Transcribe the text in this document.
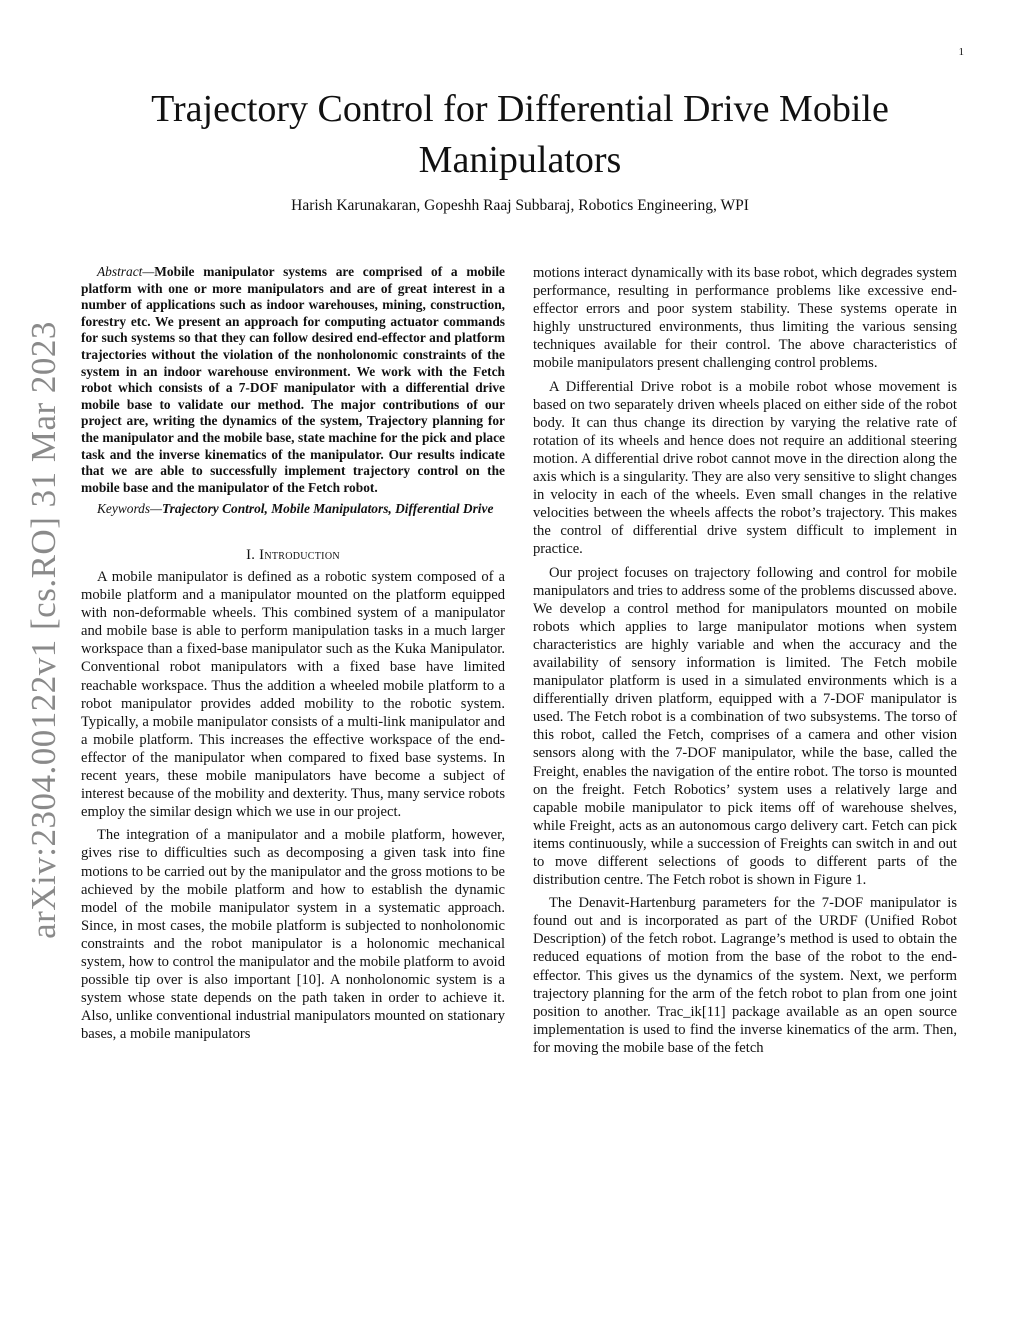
1
arXiv:2304.00122v1 [cs.RO] 31 Mar 2023
Trajectory Control for Differential Drive Mobile Manipulators
Harish Karunakaran, Gopeshh Raaj Subbaraj, Robotics Engineering, WPI

Abstract—Mobile manipulator systems are comprised of a mobile platform with one or more manipulators and are of great interest in a number of applications such as indoor warehouses, mining, construction, forestry etc. We present an approach for computing actuator commands for such systems so that they can follow desired end-effector and platform trajectories without the violation of the nonholonomic constraints of the system in an indoor warehouse environment. We work with the Fetch robot which consists of a 7-DOF manipulator with a differential drive mobile base to validate our method. The major contributions of our project are, writing the dynamics of the system, Trajectory planning for the manipulator and the mobile base, state machine for the pick and place task and the inverse kinematics of the manipulator. Our results indicate that we are able to successfully implement trajectory control on the mobile base and the manipulator of the Fetch robot.

Keywords—Trajectory Control, Mobile Manipulators, Differential Drive

I. Introduction

A mobile manipulator is defined as a robotic system composed of a mobile platform and a manipulator mounted on the platform equipped with non-deformable wheels. This combined system of a manipulator and mobile base is able to perform manipulation tasks in a much larger workspace than a fixed-base manipulator such as the Kuka Manipulator. Conventional robot manipulators with a fixed base have limited reachable workspace. Thus the addition a wheeled mobile platform to a robot manipulator provides added mobility to the robotic system. Typically, a mobile manipulator consists of a multi-link manipulator and a mobile platform. This increases the effective workspace of the end-effector of the manipulator when compared to fixed base systems. In recent years, these mobile manipulators have become a subject of interest because of the mobility and dexterity. Thus, many service robots employ the similar design which we use in our project.

The integration of a manipulator and a mobile platform, however, gives rise to difficulties such as decomposing a given task into fine motions to be carried out by the manipulator and the gross motions to be achieved by the mobile platform and how to establish the dynamic model of the mobile manipulator system in a systematic approach. Since, in most cases, the mobile platform is subjected to nonholonomic constraints and the robot manipulator is a holonomic mechanical system, how to control the manipulator and the mobile platform to avoid possible tip over is also important [10]. A nonholonomic system is a system whose state depends on the path taken in order to achieve it. Also, unlike conventional industrial manipulators mounted on stationary bases, a mobile manipulators

motions interact dynamically with its base robot, which degrades system performance, resulting in performance problems like excessive end-effector errors and poor system stability. These systems operate in highly unstructured environments, thus limiting the various sensing techniques available for their control. The above characteristics of mobile manipulators present challenging control problems.

A Differential Drive robot is a mobile robot whose movement is based on two separately driven wheels placed on either side of the robot body. It can thus change its direction by varying the relative rate of rotation of its wheels and hence does not require an additional steering motion. A differential drive robot cannot move in the direction along the axis which is a singularity. They are also very sensitive to slight changes in velocity in each of the wheels. Even small changes in the relative velocities between the wheels affects the robot’s trajectory. This makes the control of differential drive system difficult to implement in practice.

Our project focuses on trajectory following and control for mobile manipulators and tries to address some of the problems discussed above. We develop a control method for manipulators mounted on mobile robots which applies to large manipulator motions when system characteristics are highly variable and when the accuracy and the availability of sensory information is limited. The Fetch mobile manipulator platform is used in a simulated environments which is a differentially driven platform, equipped with a 7-DOF manipulator is used. The Fetch robot is a combination of two subsystems. The torso of this robot, called the Fetch, comprises of a camera and other vision sensors along with the 7-DOF manipulator, while the base, called the Freight, enables the navigation of the entire robot. The torso is mounted on the freight. Fetch Robotics’ system uses a relatively large and capable mobile manipulator to pick items off of warehouse shelves, while Freight, acts as an autonomous cargo delivery cart. Fetch can pick items continuously, while a succession of Freights can switch in and out to move different selections of goods to different parts of the distribution centre. The Fetch robot is shown in Figure 1.

The Denavit-Hartenburg parameters for the 7-DOF manipulator is found out and is incorporated as part of the URDF (Unified Robot Description) of the fetch robot. Lagrange’s method is used to obtain the reduced equations of motion from the base of the robot to the end-effector. This gives us the dynamics of the system. Next, we perform trajectory planning for the arm of the fetch robot to plan from one joint position to another. Trac_ik[11] package available as an open source implementation is used to find the inverse kinematics of the arm. Then, for moving the mobile base of the fetch
